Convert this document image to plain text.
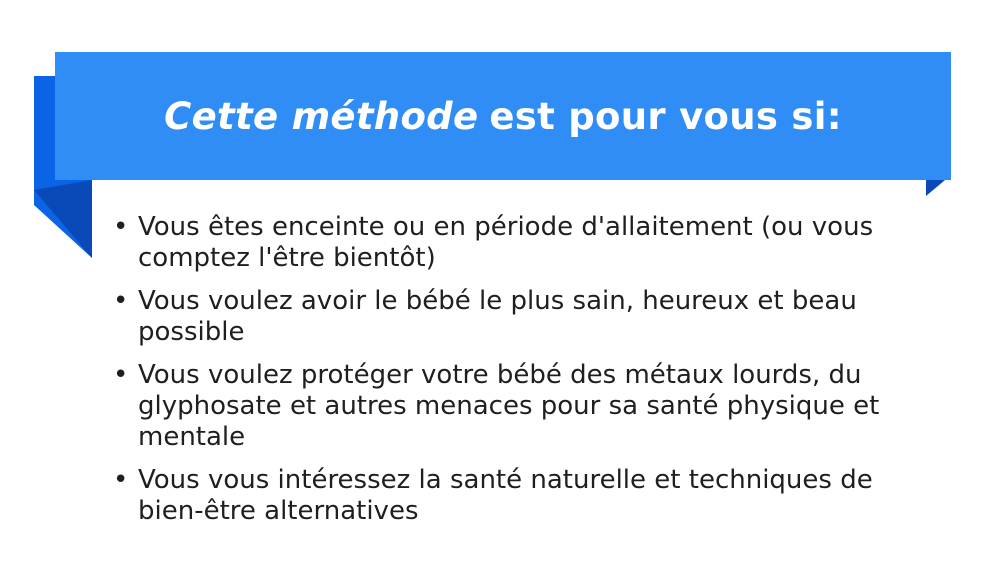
Cette méthode est pour vous si:
• Vous êtes enceinte ou en période d'allaitement (ou vous comptez l'être bientôt)
• Vous voulez avoir le bébé le plus sain, heureux et beau possible
• Vous voulez protéger votre bébé des métaux lourds, du glyphosate et autres menaces pour sa santé physique et mentale
• Vous vous intéressez la santé naturelle et techniques de bien-être alternatives
